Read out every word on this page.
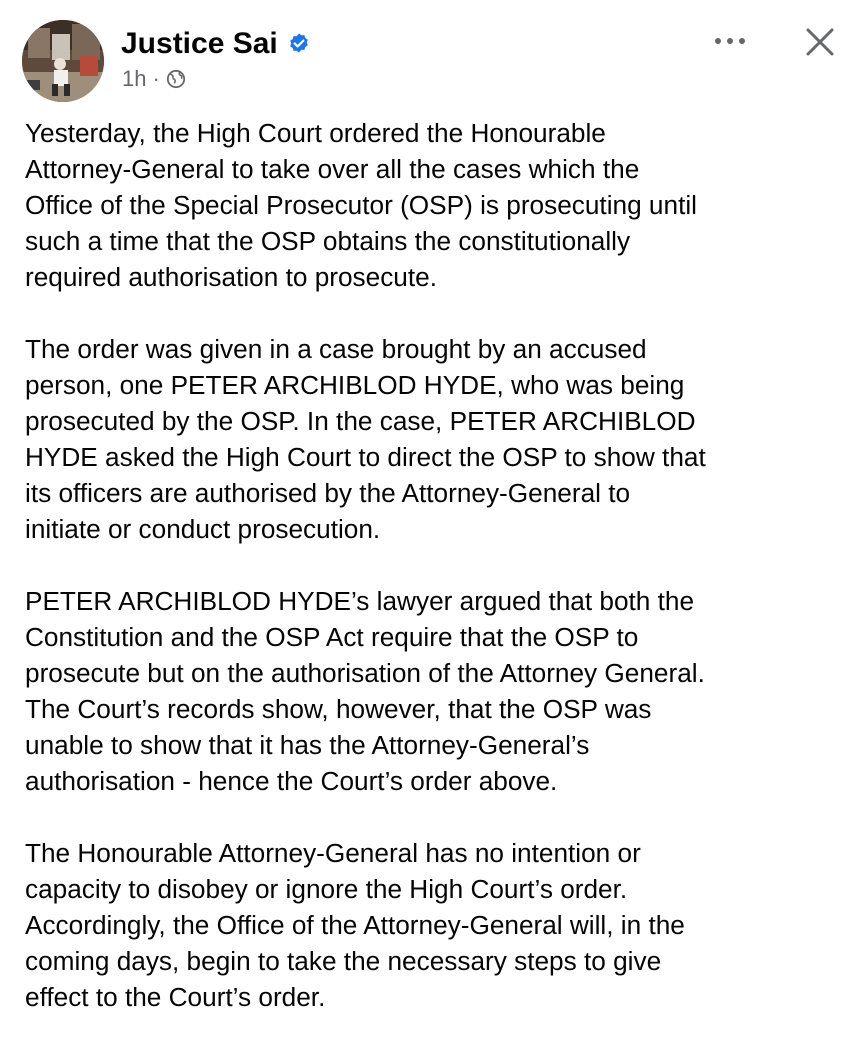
Justice Sai
1h ·

Yesterday, the High Court ordered the Honourable
Attorney-General to take over all the cases which the
Office of the Special Prosecutor (OSP) is prosecuting until
such a time that the OSP obtains the constitutionally
required authorisation to prosecute.

The order was given in a case brought by an accused
person, one PETER ARCHIBLOD HYDE, who was being
prosecuted by the OSP. In the case, PETER ARCHIBLOD
HYDE asked the High Court to direct the OSP to show that
its officers are authorised by the Attorney-General to
initiate or conduct prosecution.

PETER ARCHIBLOD HYDE’s lawyer argued that both the
Constitution and the OSP Act require that the OSP to
prosecute but on the authorisation of the Attorney General.
The Court’s records show, however, that the OSP was
unable to show that it has the Attorney-General’s
authorisation - hence the Court’s order above.

The Honourable Attorney-General has no intention or
capacity to disobey or ignore the High Court’s order.
Accordingly, the Office of the Attorney-General will, in the
coming days, begin to take the necessary steps to give
effect to the Court’s order.
